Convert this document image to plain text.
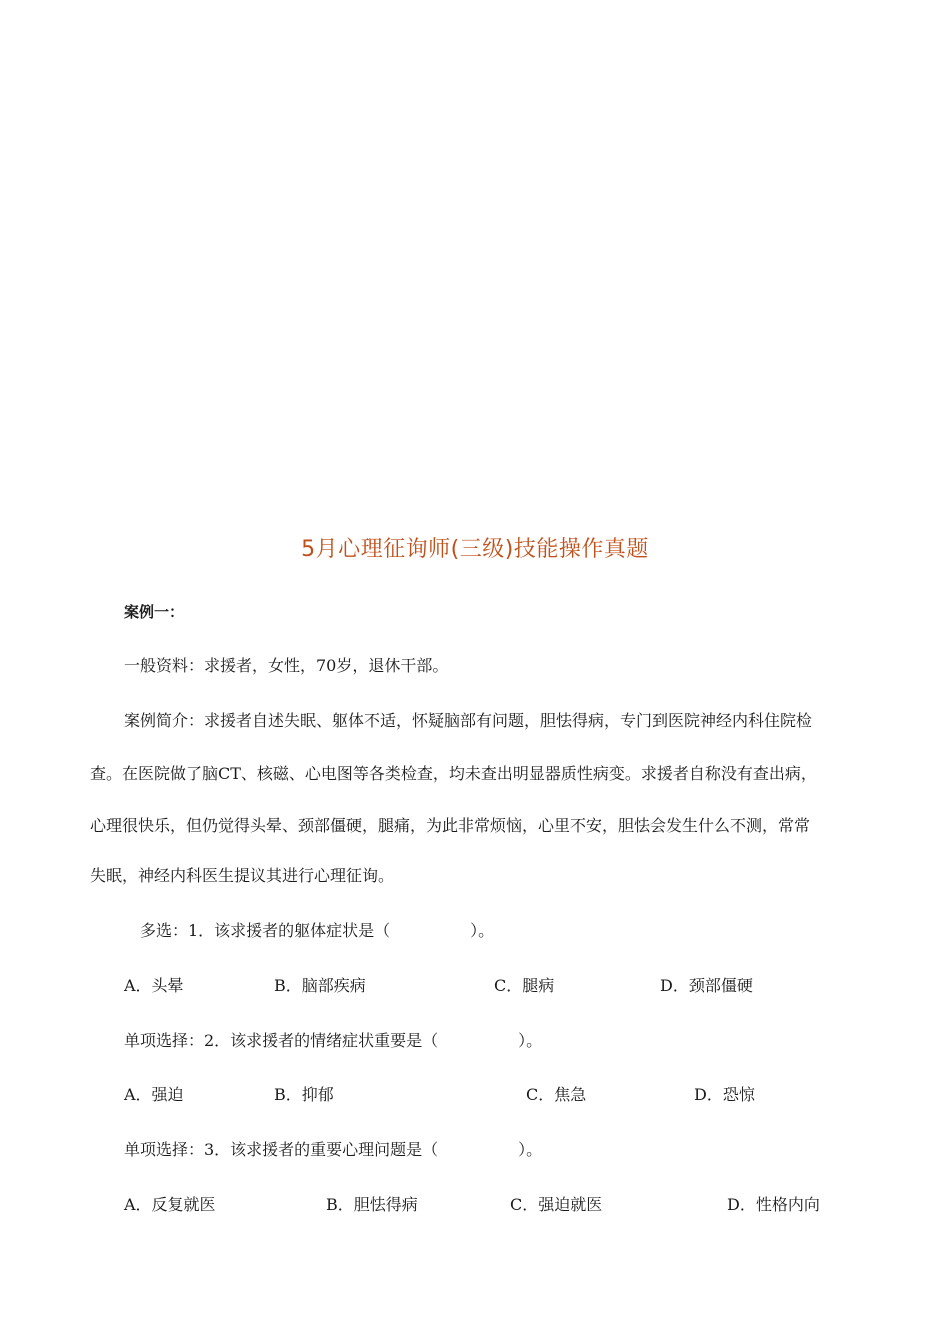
5月心理征询师(三级)技能操作真题
案例一：
一般资料：求援者，女性，70岁，退休干部。
案例简介：求援者自述失眠、躯体不适，怀疑脑部有问题，胆怯得病，专门到医院神经内科住院检
查。在医院做了脑CT、核磁、心电图等各类检查，均未查出明显器质性病变。求援者自称没有查出病，
心理很快乐，但仍觉得头晕、颈部僵硬，腿痛，为此非常烦恼，心里不安，胆怯会发生什么不测，常常
失眠，神经内科医生提议其进行心理征询。
多选：1．该求援者的躯体症状是（　　　　　）。
A．头晕	B．脑部疾病	C．腿病	D．颈部僵硬
单项选择：2．该求援者的情绪症状重要是（　　　　　）。
A．强迫	B．抑郁	C．焦急	D．恐惊
单项选择：3．该求援者的重要心理问题是（　　　　　）。
A．反复就医	B．胆怯得病	C．强迫就医	D．性格内向
